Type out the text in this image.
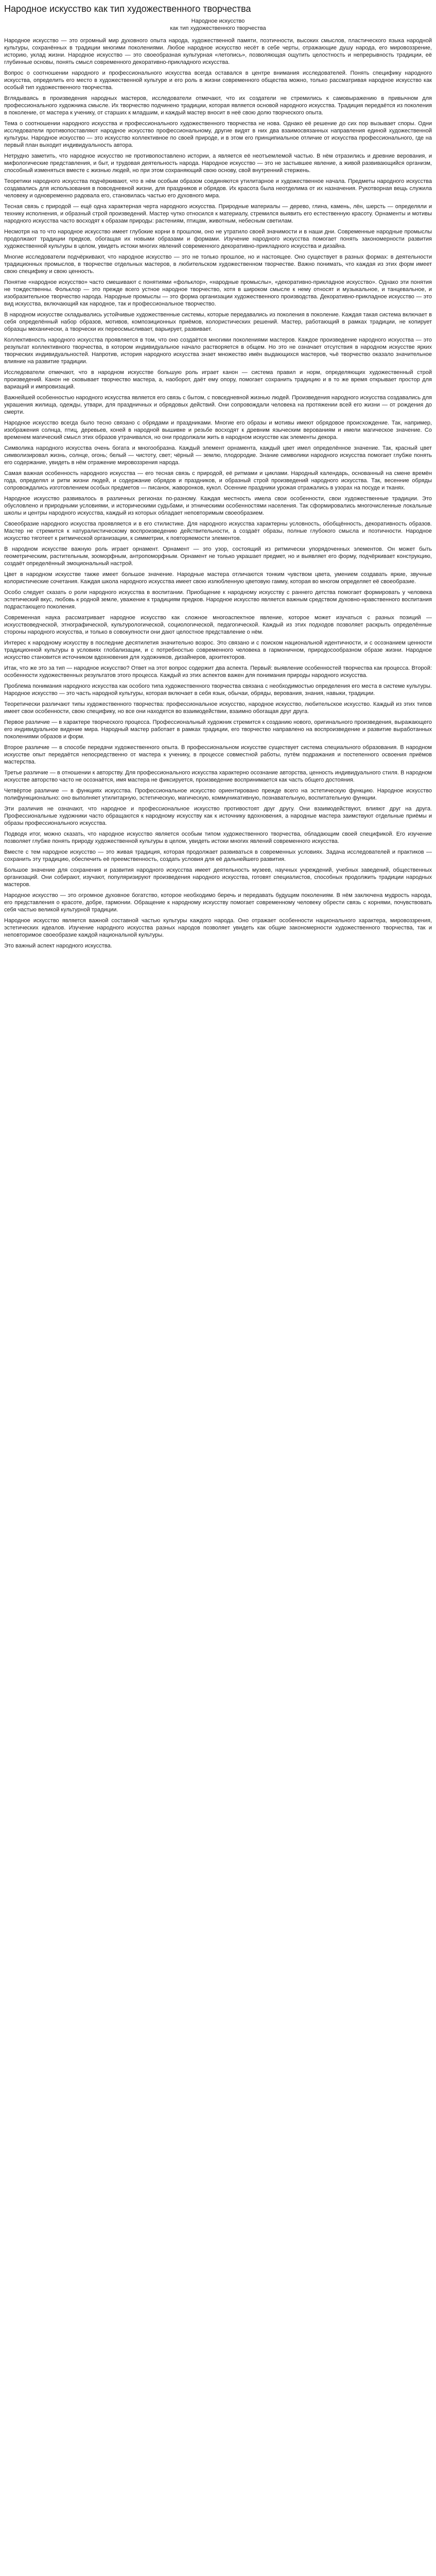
Народное искусство как тип художественного творчества
Народное искусство
как тип художественного творчества

Народное искусство — это огромный мир духовного опыта народа, художественной памяти, поэтичности, высоких смыслов, пластического языка народной культуры, сохранённых в традиции многими поколениями. Любое народное искусство несёт в себе черты, отражающие душу народа, его мировоззрение, историю, уклад жизни. Народное искусство — это своеобразная культурная «летопись», позволяющая ощутить целостность и непрерывность традиции, её глубинные основы, понять смысл современного декоративно-прикладного искусства.

Вопрос о соотношении народного и профессионального искусства всегда оставался в центре внимания исследователей. Понять специфику народного искусства, определить его место в художественной культуре и его роль в жизни современного общества можно, только рассматривая народное искусство как особый тип художественного творчества.

Вглядываясь в произведения народных мастеров, исследователи отмечают, что их создатели не стремились к самовыражению в привычном для профессионального художника смысле. Их творчество подчинено традиции, которая является основой народного искусства. Традиция передаётся из поколения в поколение, от мастера к ученику, от старших к младшим, и каждый мастер вносит в неё свою долю творческого опыта.

Тема о соотношении народного искусства и профессионального художественного творчества не нова. Однако её решение до сих пор вызывает споры. Одни исследователи противопоставляют народное искусство профессиональному, другие видят в них два взаимосвязанных направления единой художественной культуры. Народное искусство — это искусство коллективное по своей природе, и в этом его принципиальное отличие от искусства профессионального, где на первый план выходит индивидуальность автора.

Нетрудно заметить, что народное искусство не противопоставлено истории, а является её неотъемлемой частью. В нём отразились и древние верования, и мифологические представления, и быт, и трудовая деятельность народа. Народное искусство — это не застывшее явление, а живой развивающийся организм, способный изменяться вместе с жизнью людей, но при этом сохраняющий свою основу, свой внутренний стержень.

Теоретики народного искусства подчёркивают, что в нём особым образом соединяются утилитарное и художественное начала. Предметы народного искусства создавались для использования в повседневной жизни, для праздников и обрядов. Их красота была неотделима от их назначения. Рукотворная вещь служила человеку и одновременно радовала его, становилась частью его духовного мира.

Тесная связь с природой — ещё одна характерная черта народного искусства. Природные материалы — дерево, глина, камень, лён, шерсть — определяли и технику исполнения, и образный строй произведений. Мастер чутко относился к материалу, стремился выявить его естественную красоту. Орнаменты и мотивы народного искусства часто восходят к образам природы: растениям, птицам, животным, небесным светилам.

Несмотря на то что народное искусство имеет глубокие корни в прошлом, оно не утратило своей значимости и в наши дни. Современные народные промыслы продолжают традиции предков, обогащая их новыми образами и формами. Изучение народного искусства помогает понять закономерности развития художественной культуры в целом, увидеть истоки многих явлений современного декоративно-прикладного искусства и дизайна.

Многие исследователи подчёркивают, что народное искусство — это не только прошлое, но и настоящее. Оно существует в разных формах: в деятельности традиционных промыслов, в творчестве отдельных мастеров, в любительском художественном творчестве. Важно понимать, что каждая из этих форм имеет свою специфику и свою ценность.

Понятие «народное искусство» часто смешивают с понятиями «фольклор», «народные промыслы», «декоративно-прикладное искусство». Однако эти понятия не тождественны. Фольклор — это прежде всего устное народное творчество, хотя в широком смысле к нему относят и музыкальное, и танцевальное, и изобразительное творчество народа. Народные промыслы — это форма организации художественного производства. Декоративно-прикладное искусство — это вид искусства, включающий как народное, так и профессиональное творчество.

В народном искусстве складывались устойчивые художественные системы, которые передавались из поколения в поколение. Каждая такая система включает в себя определённый набор образов, мотивов, композиционных приёмов, колористических решений. Мастер, работающий в рамках традиции, не копирует образцы механически, а творчески их переосмысливает, варьирует, развивает.

Коллективность народного искусства проявляется в том, что оно создаётся многими поколениями мастеров. Каждое произведение народного искусства — это результат коллективного творчества, в котором индивидуальное начало растворяется в общем. Но это не означает отсутствия в народном искусстве ярких творческих индивидуальностей. Напротив, история народного искусства знает множество имён выдающихся мастеров, чьё творчество оказало значительное влияние на развитие традиции.

Исследователи отмечают, что в народном искусстве большую роль играет канон — система правил и норм, определяющих художественный строй произведений. Канон не сковывает творчество мастера, а, наоборот, даёт ему опору, помогает сохранить традицию и в то же время открывает простор для вариаций и импровизаций.

Важнейшей особенностью народного искусства является его связь с бытом, с повседневной жизнью людей. Произведения народного искусства создавались для украшения жилища, одежды, утвари, для праздничных и обрядовых действий. Они сопровождали человека на протяжении всей его жизни — от рождения до смерти.

Народное искусство всегда было тесно связано с обрядами и праздниками. Многие его образы и мотивы имеют обрядовое происхождение. Так, например, изображения солнца, птиц, деревьев, коней в народной вышивке и резьбе восходят к древним языческим верованиям и имели магическое значение. Со временем магический смысл этих образов утрачивался, но они продолжали жить в народном искусстве как элементы декора.

Символика народного искусства очень богата и многообразна. Каждый элемент орнамента, каждый цвет имел определённое значение. Так, красный цвет символизировал жизнь, солнце, огонь; белый — чистоту, свет; чёрный — землю, плодородие. Знание символики народного искусства помогает глубже понять его содержание, увидеть в нём отражение мировоззрения народа.

Самая важная особенность народного искусства — его тесная связь с природой, её ритмами и циклами. Народный календарь, основанный на смене времён года, определял и ритм жизни людей, и содержание обрядов и праздников, и образный строй произведений народного искусства. Так, весенние обряды сопровождались изготовлением особых предметов — писанок, жаворонков, кукол. Осенние праздники урожая отражались в узорах на посуде и тканях.

Народное искусство развивалось в различных регионах по-разному. Каждая местность имела свои особенности, свои художественные традиции. Это обусловлено и природными условиями, и историческими судьбами, и этническими особенностями населения. Так сформировались многочисленные локальные школы и центры народного искусства, каждый из которых обладает неповторимым своеобразием.

Своеобразие народного искусства проявляется и в его стилистике. Для народного искусства характерны условность, обобщённость, декоративность образов. Мастер не стремится к натуралистическому воспроизведению действительности, а создаёт образы, полные глубокого смысла и поэтичности. Народное искусство тяготеет к ритмической организации, к симметрии, к повторяемости элементов.

В народном искусстве важную роль играет орнамент. Орнамент — это узор, состоящий из ритмически упорядоченных элементов. Он может быть геометрическим, растительным, зооморфным, антропоморфным. Орнамент не только украшает предмет, но и выявляет его форму, подчёркивает конструкцию, создаёт определённый эмоциональный настрой.

Цвет в народном искусстве также имеет большое значение. Народные мастера отличаются тонким чувством цвета, умением создавать яркие, звучные колористические сочетания. Каждая школа народного искусства имеет свою излюбленную цветовую гамму, которая во многом определяет её своеобразие.

Особо следует сказать о роли народного искусства в воспитании. Приобщение к народному искусству с раннего детства помогает формировать у человека эстетический вкус, любовь к родной земле, уважение к традициям предков. Народное искусство является важным средством духовно-нравственного воспитания подрастающего поколения.

Современная наука рассматривает народное искусство как сложное многоаспектное явление, которое может изучаться с разных позиций — искусствоведческой, этнографической, культурологической, социологической, педагогической. Каждый из этих подходов позволяет раскрыть определённые стороны народного искусства, и только в совокупности они дают целостное представление о нём.

Интерес к народному искусству в последние десятилетия значительно возрос. Это связано и с поиском национальной идентичности, и с осознанием ценности традиционной культуры в условиях глобализации, и с потребностью современного человека в гармоничном, природосообразном образе жизни. Народное искусство становится источником вдохновения для художников, дизайнеров, архитекторов.

Итак, что же это за тип — народное искусство? Ответ на этот вопрос содержит два аспекта. Первый: выявление особенностей творчества как процесса. Второй: особенности художественных результатов этого процесса. Каждый из этих аспектов важен для понимания природы народного искусства.

Проблема понимания народного искусства как особого типа художественного творчества связана с необходимостью определения его места в системе культуры. Народное искусство — это часть народной культуры, которая включает в себя язык, обычаи, обряды, верования, знания, навыки, традиции.

Теоретически различают типы художественного творчества: профессиональное искусство, народное искусство, любительское искусство. Каждый из этих типов имеет свои особенности, свою специфику, но все они находятся во взаимодействии, взаимно обогащая друг друга.

Первое различие — в характере творческого процесса. Профессиональный художник стремится к созданию нового, оригинального произведения, выражающего его индивидуальное видение мира. Народный мастер работает в рамках традиции, его творчество направлено на воспроизведение и развитие выработанных поколениями образов и форм.

Второе различие — в способе передачи художественного опыта. В профессиональном искусстве существует система специального образования. В народном искусстве опыт передаётся непосредственно от мастера к ученику, в процессе совместной работы, путём подражания и постепенного освоения приёмов мастерства.

Третье различие — в отношении к авторству. Для профессионального искусства характерно осознание авторства, ценность индивидуального стиля. В народном искусстве авторство часто не осознаётся, имя мастера не фиксируется, произведение воспринимается как часть общего достояния.

Четвёртое различие — в функциях искусства. Профессиональное искусство ориентировано прежде всего на эстетическую функцию. Народное искусство полифункционально: оно выполняет утилитарную, эстетическую, магическую, коммуникативную, познавательную, воспитательную функции.

Эти различия не означают, что народное и профессиональное искусство противостоят друг другу. Они взаимодействуют, влияют друг на друга. Профессиональные художники часто обращаются к народному искусству как к источнику вдохновения, а народные мастера заимствуют отдельные приёмы и образы профессионального искусства.

Подводя итог, можно сказать, что народное искусство является особым типом художественного творчества, обладающим своей спецификой. Его изучение позволяет глубже понять природу художественной культуры в целом, увидеть истоки многих явлений современного искусства.

Вместе с тем народное искусство — это живая традиция, которая продолжает развиваться в современных условиях. Задача исследователей и практиков — сохранить эту традицию, обеспечить её преемственность, создать условия для её дальнейшего развития.

Большое значение для сохранения и развития народного искусства имеет деятельность музеев, научных учреждений, учебных заведений, общественных организаций. Они собирают, изучают, популяризируют произведения народного искусства, готовят специалистов, способных продолжить традиции народных мастеров.

Народное искусство — это огромное духовное богатство, которое необходимо беречь и передавать будущим поколениям. В нём заключена мудрость народа, его представления о красоте, добре, гармонии. Обращение к народному искусству помогает современному человеку обрести связь с корнями, почувствовать себя частью великой культурной традиции.

Народное искусство является важной составной частью культуры каждого народа. Оно отражает особенности национального характера, мировоззрения, эстетических идеалов. Изучение народного искусства разных народов позволяет увидеть как общие закономерности художественного творчества, так и неповторимое своеобразие каждой национальной культуры.

Это важный аспект народного искусства.
